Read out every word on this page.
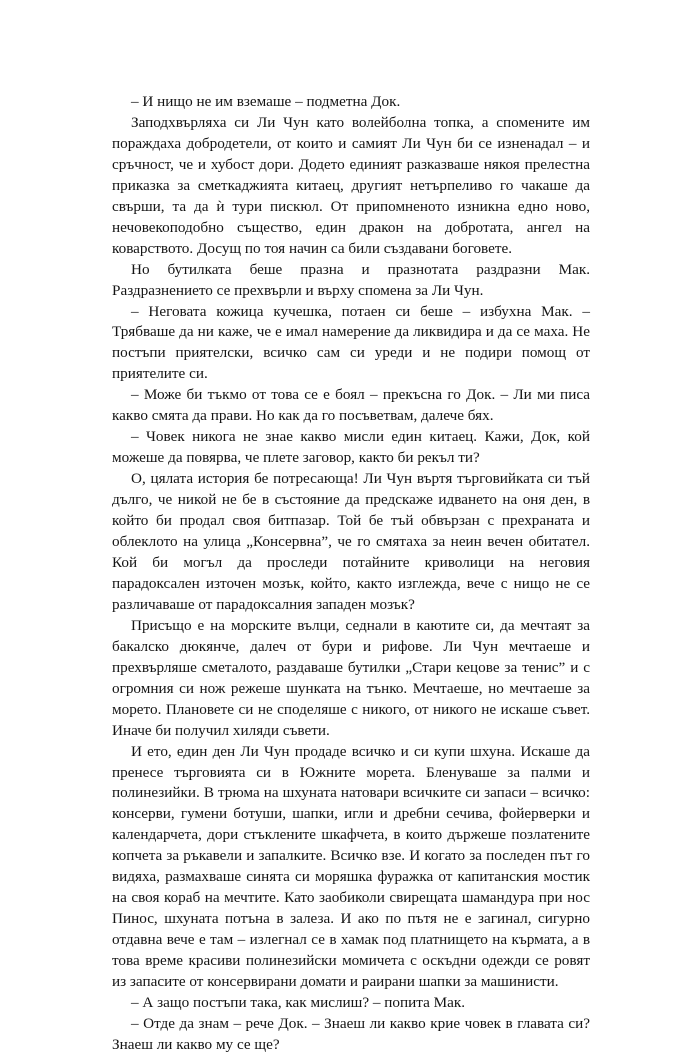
– И нищо не им вземаше – подметна Док.

Заподхвърляха си Ли Чун като волейболна топка, а спомените им пораждаха добродетели, от които и самият Ли Чун би се изненадал – и сръчност, че и хубост дори. Додето единият разказваше някоя прелестна приказка за сметкаджията китаец, другият нетърпеливо го чакаше да свърши, та да ѝ тури пискюл. От припомненото изникна едно ново, нечовекоподобно същество, един дракон на добротата, ангел на коварството. Досущ по тоя начин са били създавани боговете.

Но бутилката беше празна и празнотата раздразни Мак. Раздразнението се прехвърли и върху спомена за Ли Чун.

– Неговата кожица кучешка, потаен си беше – избухна Мак. – Трябваше да ни каже, че е имал намерение да ликвидира и да се маха. Не постъпи приятелски, всичко сам си уреди и не подири помощ от приятелите си.

– Може би тъкмо от това се е боял – прекъсна го Док. – Ли ми писа какво смята да прави. Но как да го посъветвам, далече бях.

– Човек никога не знае какво мисли един китаец. Кажи, Док, кой можеше да повярва, че плете заговор, както би рекъл ти?

О, цялата история бе потресающа! Ли Чун въртя търговийката си тъй дълго, че никой не бе в състояние да предскаже идването на оня ден, в който би продал своя битпазар. Той бе тъй обвързан с прехраната и облеклото на улица „Консервна”, че го смятаха за неин вечен обитател. Кой би могъл да проследи потайните криволици на неговия парадоксален източен мозък, който, както изглежда, вече с нищо не се различаваше от парадоксалния западен мозък?

Присъщо е на морските вълци, седнали в каютите си, да мечтаят за бакалско дюкянче, далеч от бури и рифове. Ли Чун мечтаеше и прехвърляше сметалото, раздаваше бутилки „Стари кецове за тенис” и с огромния си нож режеше шунката на тънко. Мечтаеше, но мечтаеше за морето. Плановете си не споделяше с никого, от никого не искаше съвет. Иначе би получил хиляди съвети.

И ето, един ден Ли Чун продаде всичко и си купи шхуна. Искаше да пренесе търговията си в Южните морета. Бленуваше за палми и полинезийки. В трюма на шхуната натовари всичките си запаси – всичко: консерви, гумени ботуши, шапки, игли и дребни сечива, фойерверки и календарчета, дори стъклените шкафчета, в които държеше позлатените копчета за ръкавели и запалките. Всичко взе. И когато за последен път го видяха, размахваше синята си моряшка фуражка от капитанския мостик на своя кораб на мечтите. Като заобиколи свирещата шамандура при нос Пинос, шхуната потъна в залеза. И ако по пътя не е загинал, сигурно отдавна вече е там – излегнал се в хамак под платнището на кърмата, а в това време красиви полинезийски момичета с оскъдни одежди се ровят из запасите от консервирани домати и раирани шапки за машинисти.

– А защо постъпи така, как мислиш? – попита Мак.

– Отде да знам – рече Док. – Знаеш ли какво крие човек в главата си? Знаеш ли какво му се ще?
